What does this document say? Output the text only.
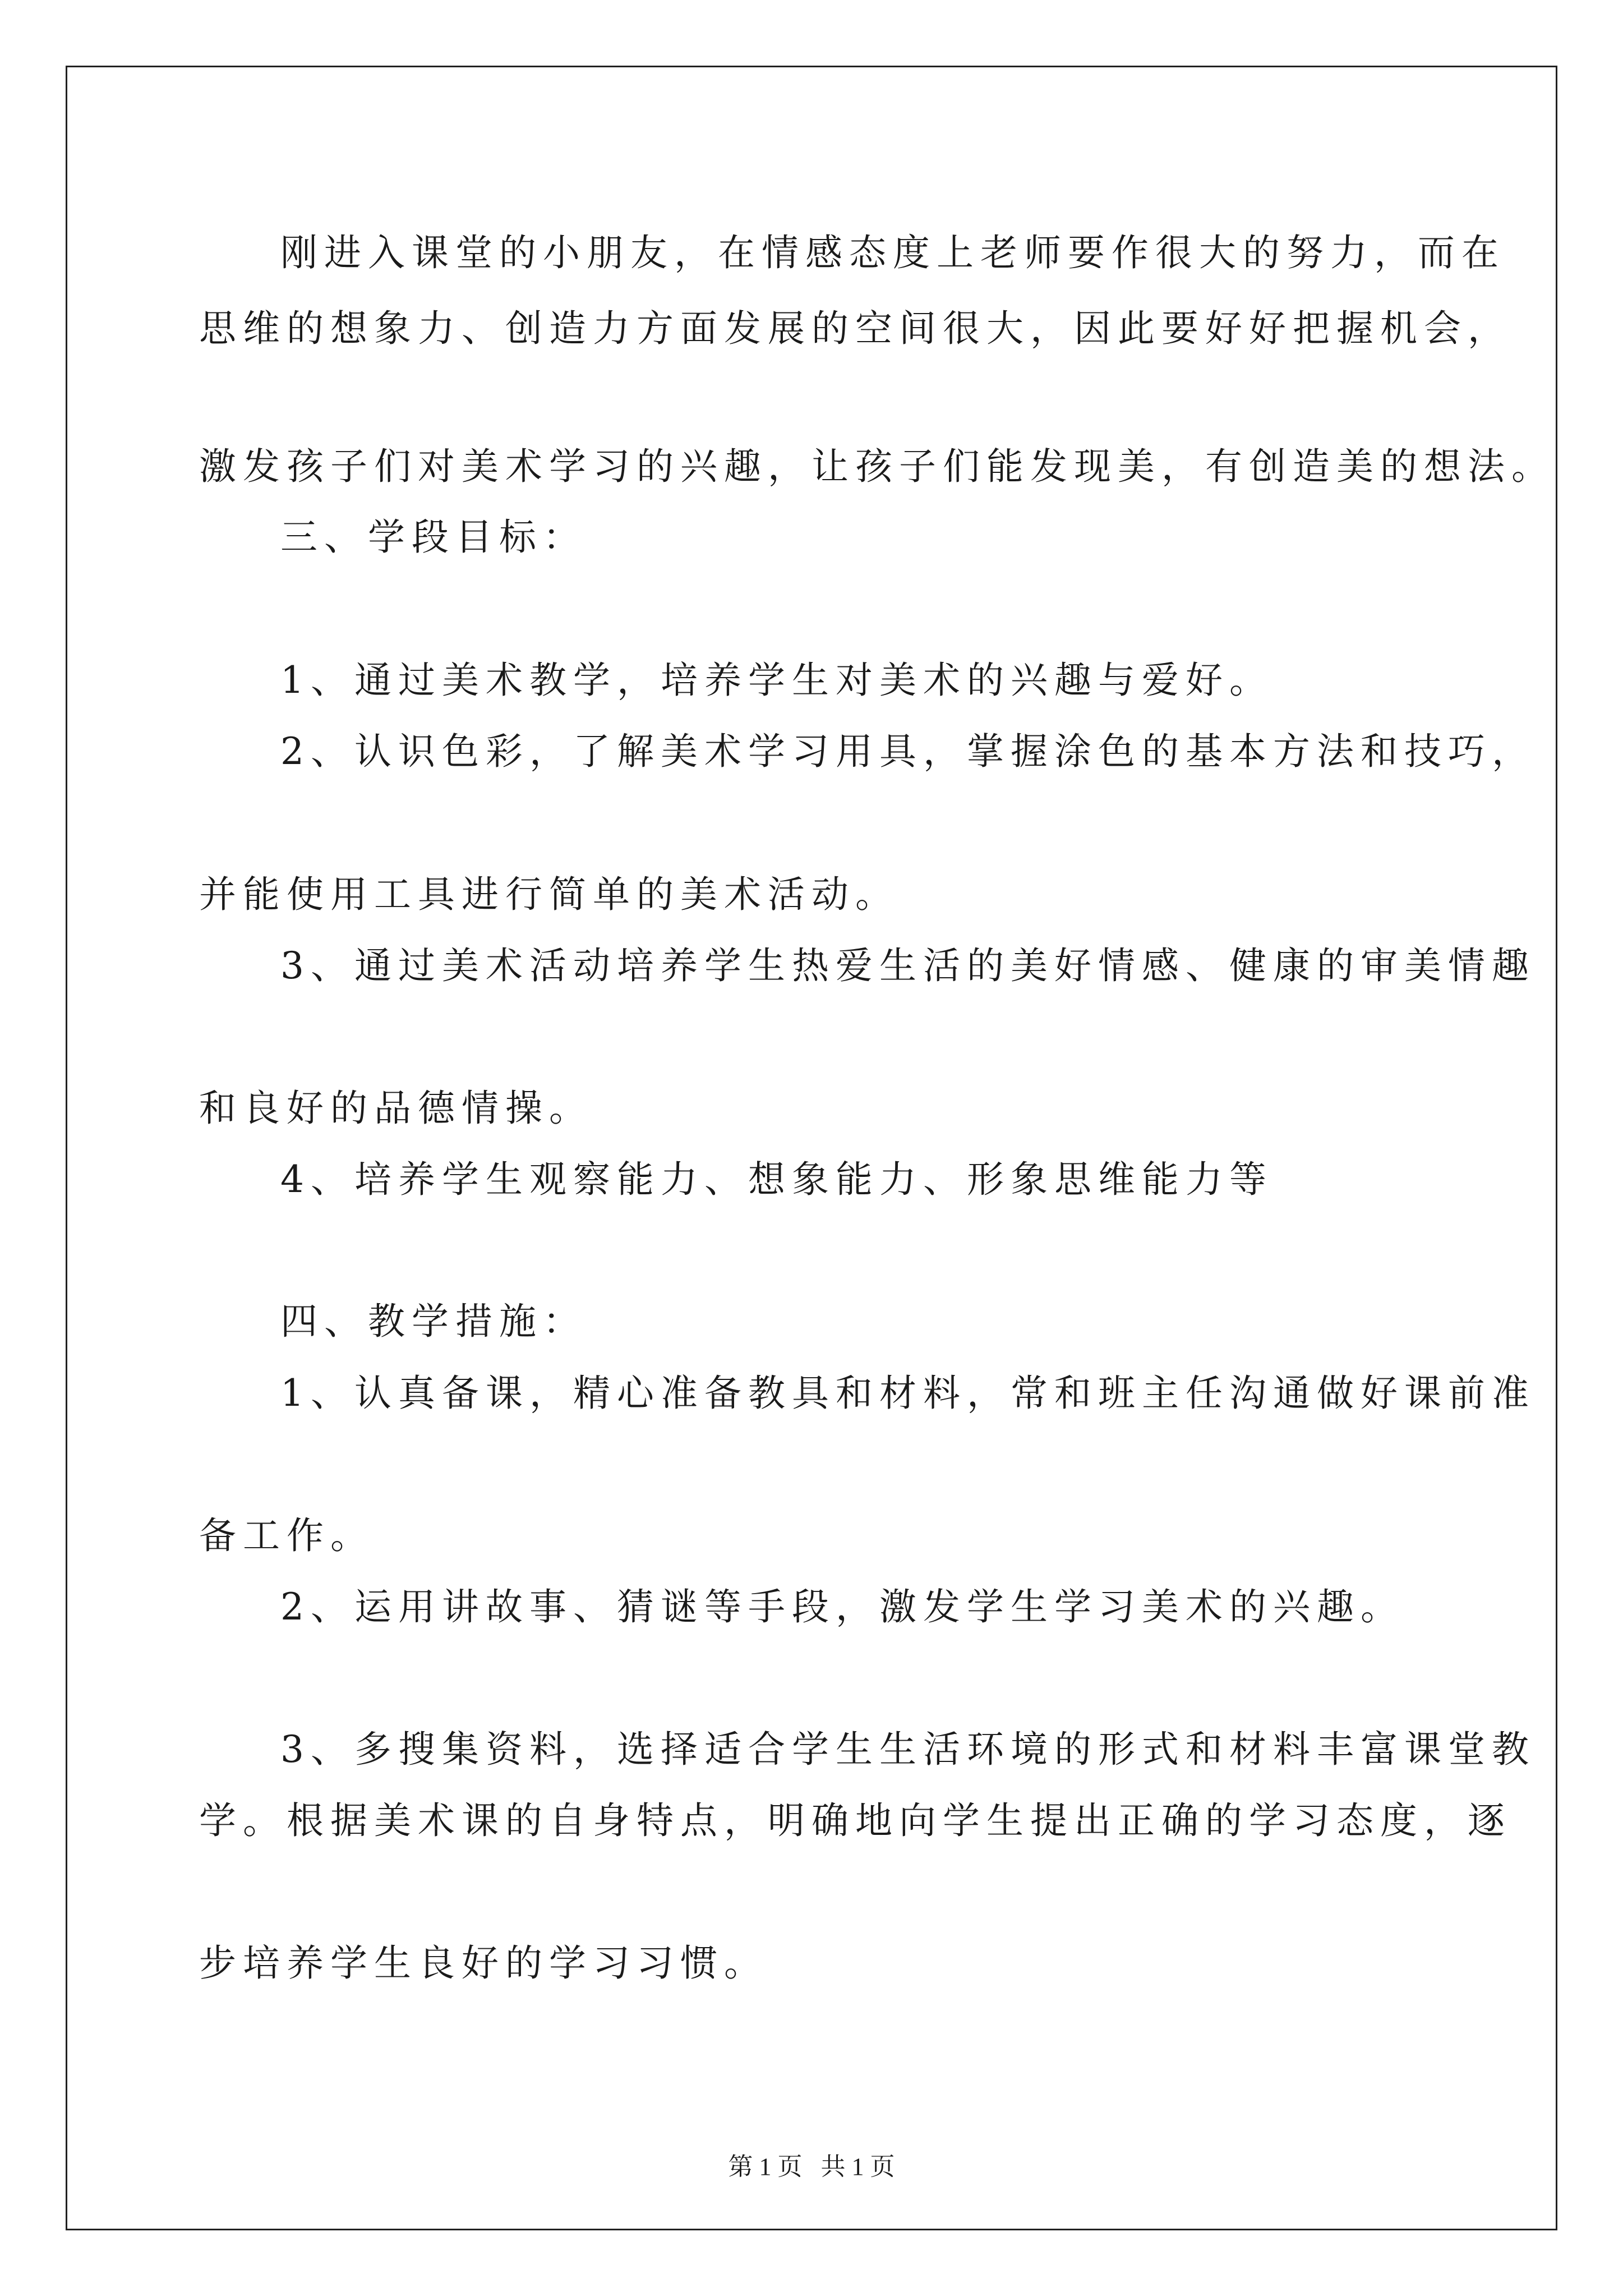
刚进入课堂的小朋友，在情感态度上老师要作很大的努力，而在
思维的想象力、创造力方面发展的空间很大，因此要好好把握机会，
激发孩子们对美术学习的兴趣，让孩子们能发现美，有创造美的想法。
三、学段目标：
1、通过美术教学，培养学生对美术的兴趣与爱好。
2、认识色彩，了解美术学习用具，掌握涂色的基本方法和技巧，
并能使用工具进行简单的美术活动。
3、通过美术活动培养学生热爱生活的美好情感、健康的审美情趣
和良好的品德情操。
4、培养学生观察能力、想象能力、形象思维能力等
四、教学措施：
1、认真备课，精心准备教具和材料，常和班主任沟通做好课前准
备工作。
2、运用讲故事、猜谜等手段，激发学生学习美术的兴趣。
3、多搜集资料，选择适合学生生活环境的形式和材料丰富课堂教
学。根据美术课的自身特点，明确地向学生提出正确的学习态度，逐
步培养学生良好的学习习惯。
第 1 页   共 1 页
